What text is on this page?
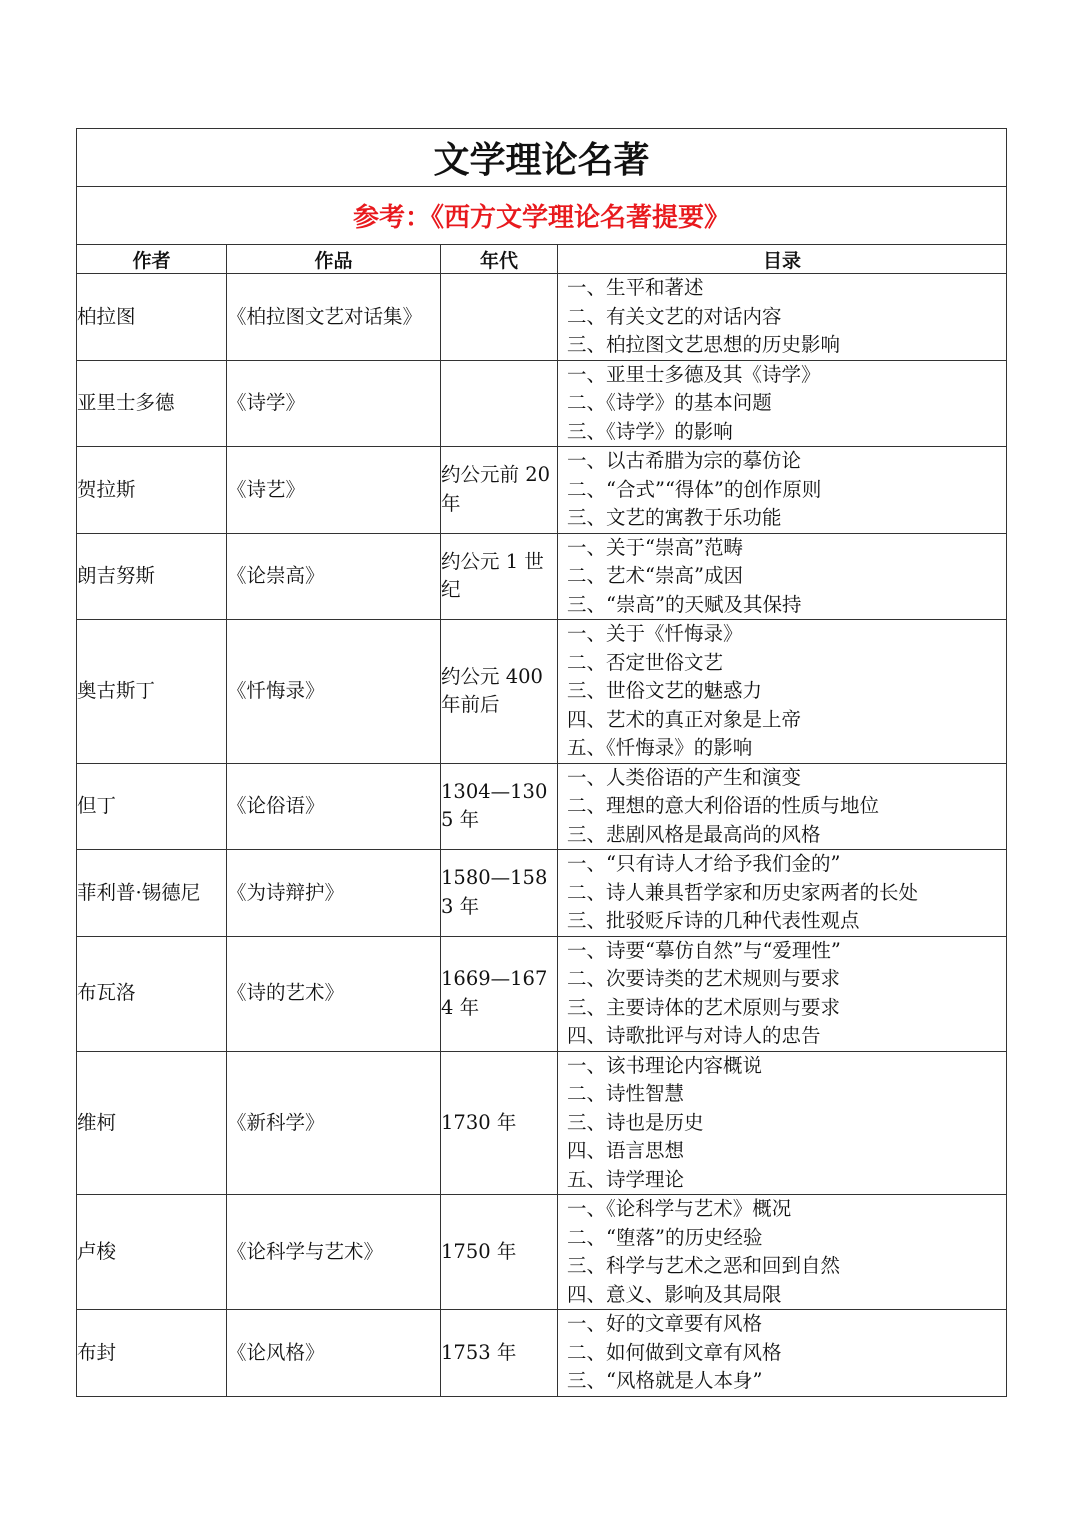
文学理论名著			
参考：《西方文学理论名著提要》			
作者	作品	年代	目录
柏拉图	《柏拉图文艺对话集》		一、生平和著述
二、有关文艺的对话内容
三、柏拉图文艺思想的历史影响

亚里士多德	《诗学》		一、亚里士多德及其《诗学》
二、《诗学》的基本问题
三、《诗学》的影响

贺拉斯	《诗艺》	约公元前 20 年	一、以古希腊为宗的摹仿论
二、“合式”“得体”的创作原则
三、文艺的寓教于乐功能

朗吉努斯	《论崇高》	约公元 1 世纪	一、关于“崇高”范畴
二、艺术“崇高”成因
三、“崇高”的天赋及其保持

奥古斯丁	《忏悔录》	约公元 400 年前后	一、关于《忏悔录》
二、否定世俗文艺
三、世俗文艺的魅惑力
四、艺术的真正对象是上帝
五、《忏悔录》的影响

但丁	《论俗语》	1304—1305 年	一、人类俗语的产生和演变
二、理想的意大利俗语的性质与地位
三、悲剧风格是最高尚的风格

菲利普·锡德尼	《为诗辩护》	1580—1583 年	一、“只有诗人才给予我们金的”
二、诗人兼具哲学家和历史家两者的长处
三、批驳贬斥诗的几种代表性观点

布瓦洛	《诗的艺术》	1669—1674 年	一、诗要“摹仿自然”与“爱理性”
二、次要诗类的艺术规则与要求
三、主要诗体的艺术原则与要求
四、诗歌批评与对诗人的忠告

维柯	《新科学》	1730 年	一、该书理论内容概说
二、诗性智慧
三、诗也是历史
四、语言思想
五、诗学理论

卢梭	《论科学与艺术》	1750 年	一、《论科学与艺术》概况
二、“堕落”的历史经验
三、科学与艺术之恶和回到自然
四、意义、影响及其局限

布封	《论风格》	1753 年	一、好的文章要有风格
二、如何做到文章有风格
三、“风格就是人本身”
